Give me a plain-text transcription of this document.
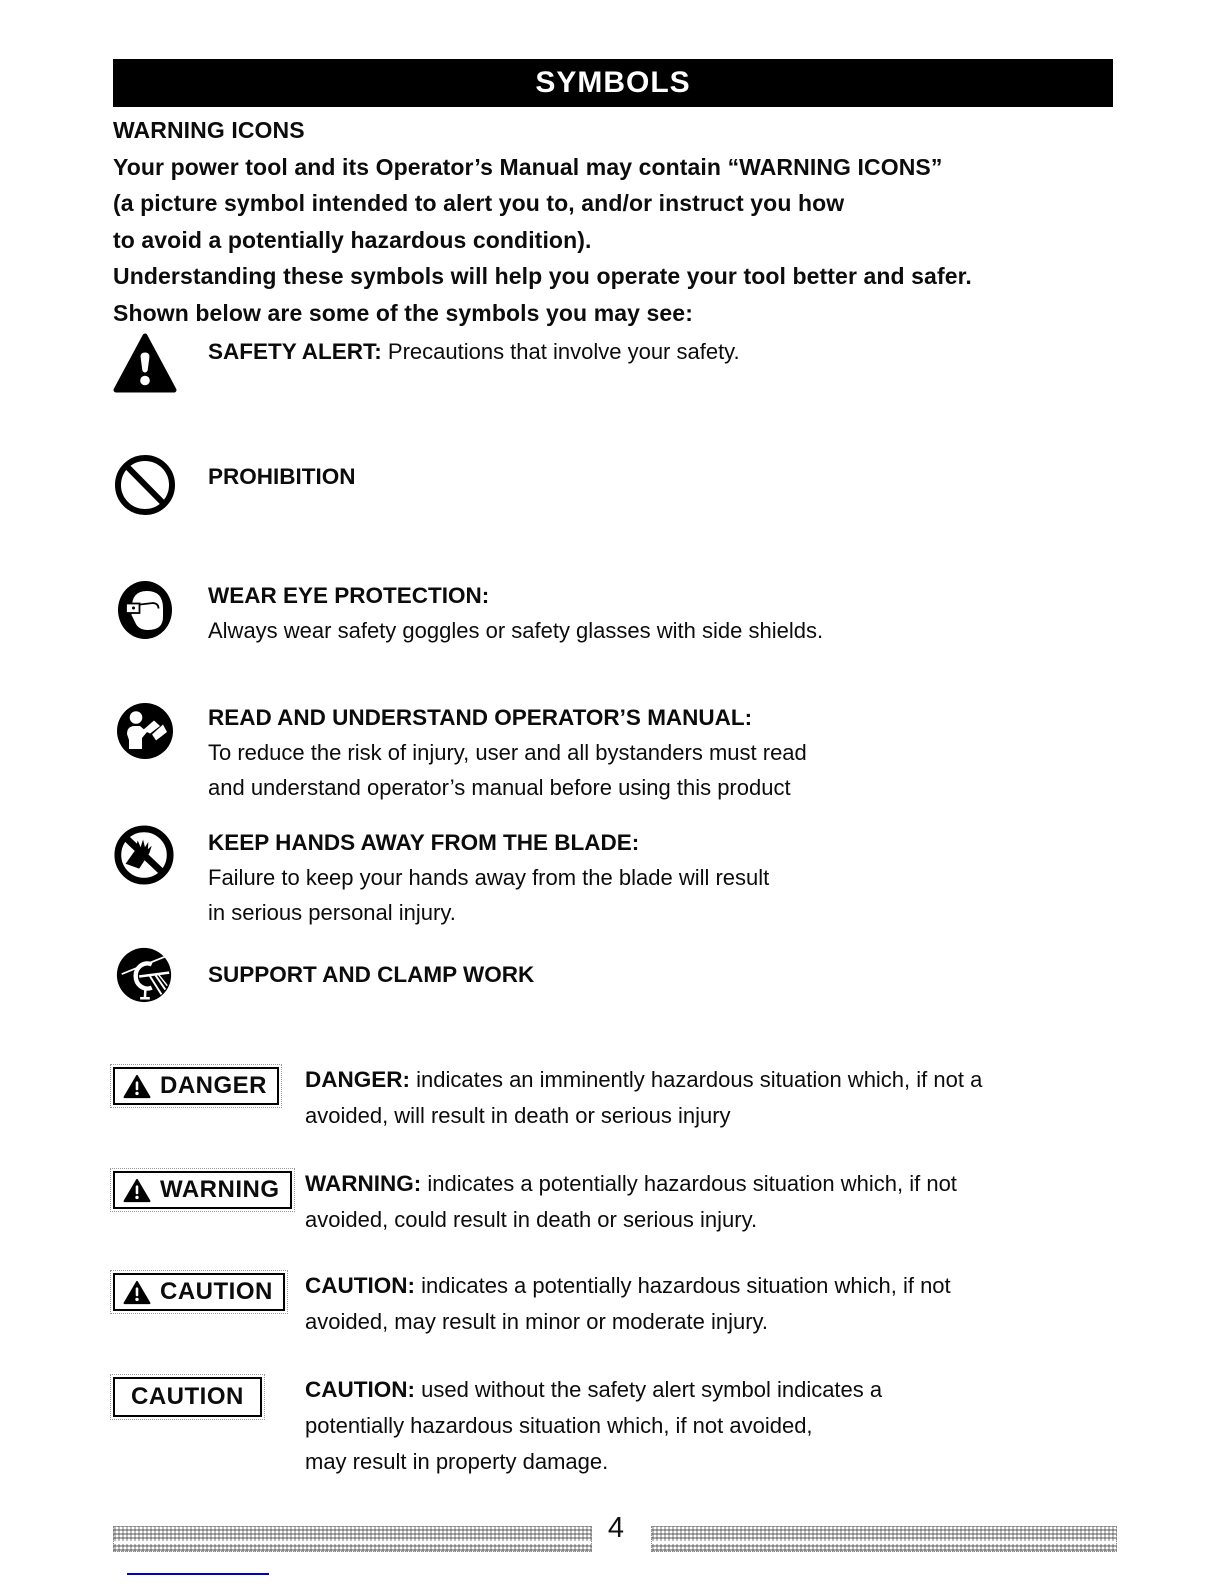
SYMBOLS
WARNING ICONS
Your power tool and its Operator’s Manual may contain “WARNING ICONS”
(a picture symbol intended to alert you to, and/or instruct you how
to avoid a potentially hazardous condition).
Understanding these symbols will help you operate your tool better and safer.
Shown below are some of the symbols you may see:
SAFETY ALERT: Precautions that involve your safety.
PROHIBITION
WEAR EYE PROTECTION:
Always wear safety goggles or safety glasses with side shields.
READ AND UNDERSTAND OPERATOR’S MANUAL:
To reduce the risk of injury, user and all bystanders must read
and understand operator’s manual before using this product
KEEP HANDS AWAY FROM THE BLADE:
Failure to keep your hands away from the blade will result
in serious personal injury.
SUPPORT AND CLAMP WORK
DANGER DANGER: indicates an imminently hazardous situation which, if not a
avoided, will result in death or serious injury
WARNING WARNING: indicates a potentially hazardous situation which, if not
avoided, could result in death or serious injury.
CAUTION CAUTION: indicates a potentially hazardous situation which, if not
avoided, may result in minor or moderate injury.
CAUTION	CAUTION: used without the safety alert symbol indicates a
potentially hazardous situation which, if not avoided,
may result in property damage.
4
